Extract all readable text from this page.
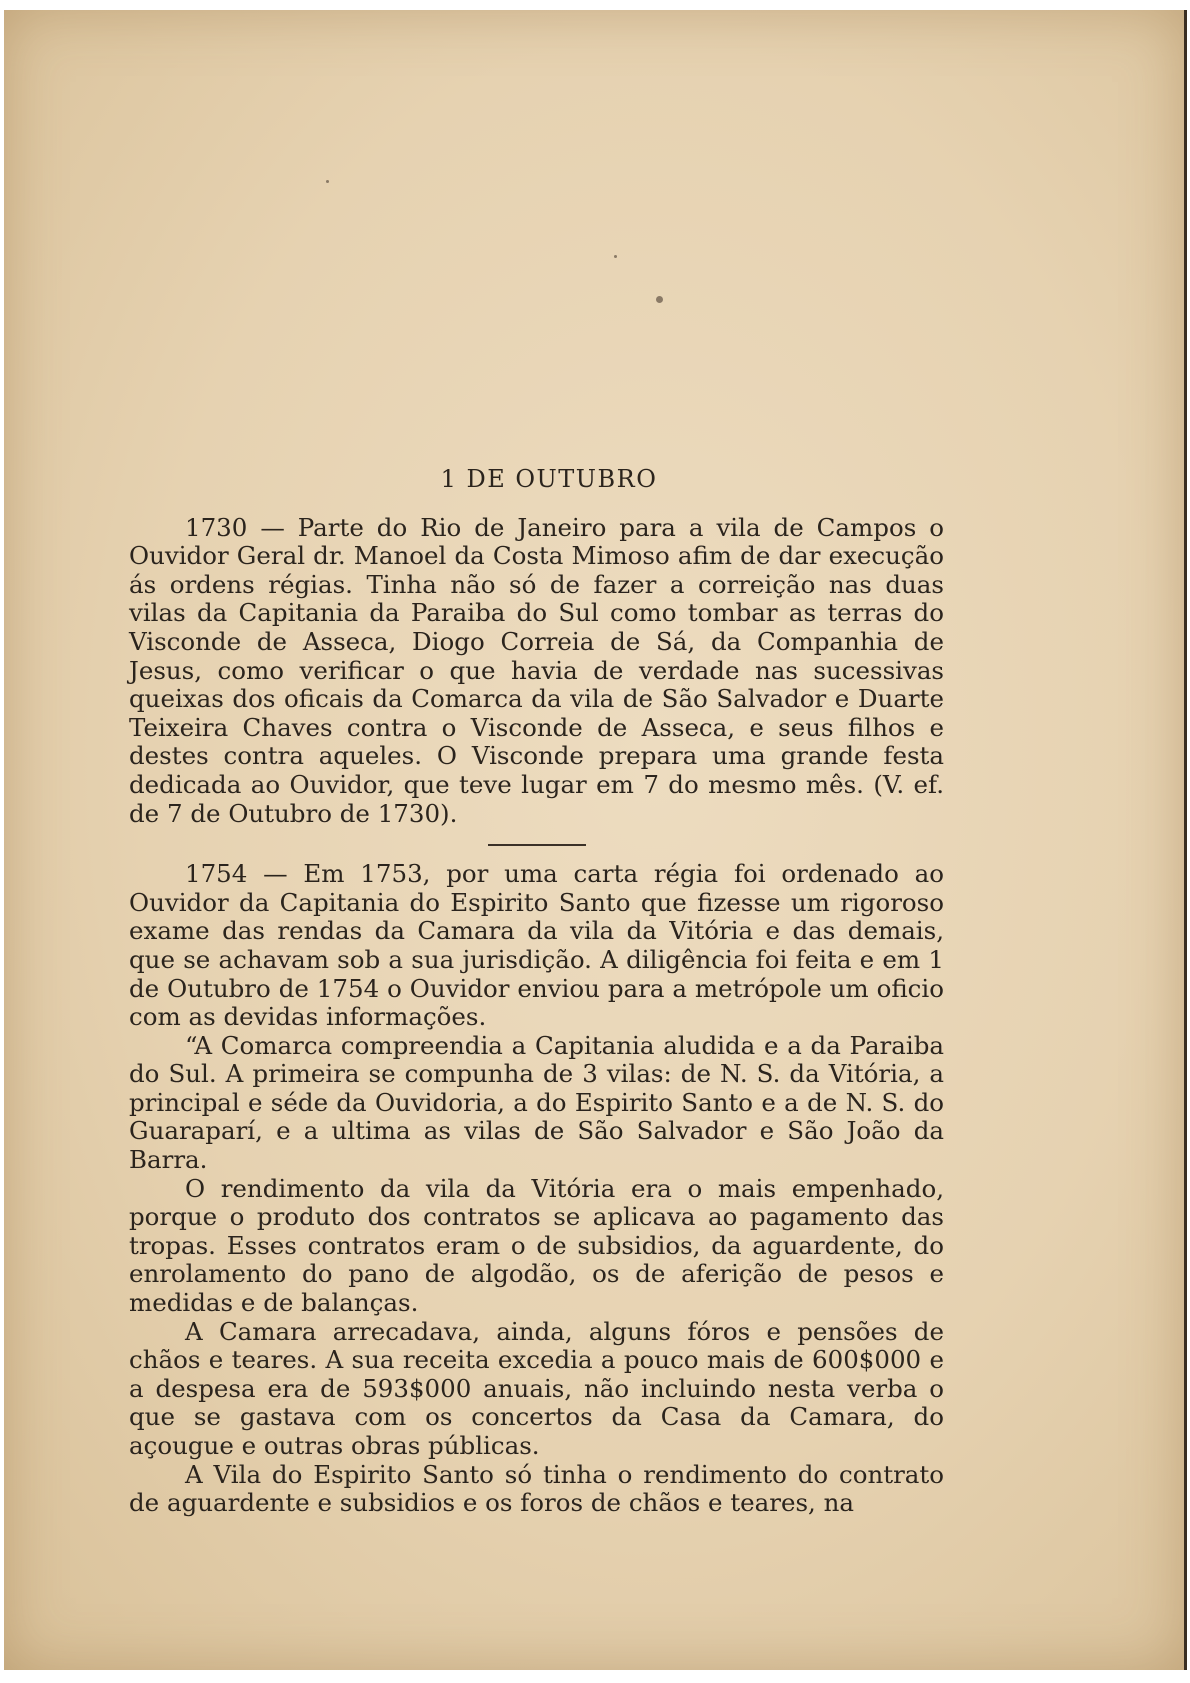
1 DE OUTUBRO

1730 — Parte do Rio de Janeiro para a vila de Campos o Ouvidor Geral dr. Manoel da Costa Mimoso afim de dar execução ás ordens régias. Tinha não só de fazer a correição nas duas vilas da Capitania da Paraiba do Sul como tombar as terras do Visconde de Asseca, Diogo Correia de Sá, da Companhia de Jesus, como verificar o que havia de verdade nas sucessivas queixas dos oficais da Comarca da vila de São Salvador e Duarte Teixeira Chaves contra o Visconde de Asseca, e seus filhos e destes contra aqueles. O Visconde prepara uma grande festa dedicada ao Ouvidor, que teve lugar em 7 do mesmo mês. (V. ef. de 7 de Outubro de 1730).

1754 — Em 1753, por uma carta régia foi ordenado ao Ouvidor da Capitania do Espirito Santo que fizesse um rigoroso exame das rendas da Camara da vila da Vitória e das demais, que se achavam sob a sua jurisdição. A diligência foi feita e em 1 de Outubro de 1754 o Ouvidor enviou para a metrópole um oficio com as devidas informações.

“A Comarca compreendia a Capitania aludida e a da Paraiba do Sul. A primeira se compunha de 3 vilas: de N. S. da Vitória, a principal e séde da Ouvidoria, a do Espirito Santo e a de N. S. do Guaraparí, e a ultima as vilas de São Salvador e São João da Barra.

O rendimento da vila da Vitória era o mais empenhado, porque o produto dos contratos se aplicava ao pagamento das tropas. Esses contratos eram o de subsidios, da aguardente, do enrolamento do pano de algodão, os de aferição de pesos e medidas e de balanças.

A Camara arrecadava, ainda, alguns fóros e pensões de chãos e teares. A sua receita excedia a pouco mais de 600$000 e a despesa era de 593$000 anuais, não incluindo nesta verba o que se gastava com os concertos da Casa da Camara, do açougue e outras obras públicas.

A Vila do Espirito Santo só tinha o rendimento do contrato de aguardente e subsidios e os foros de chãos e teares, na
